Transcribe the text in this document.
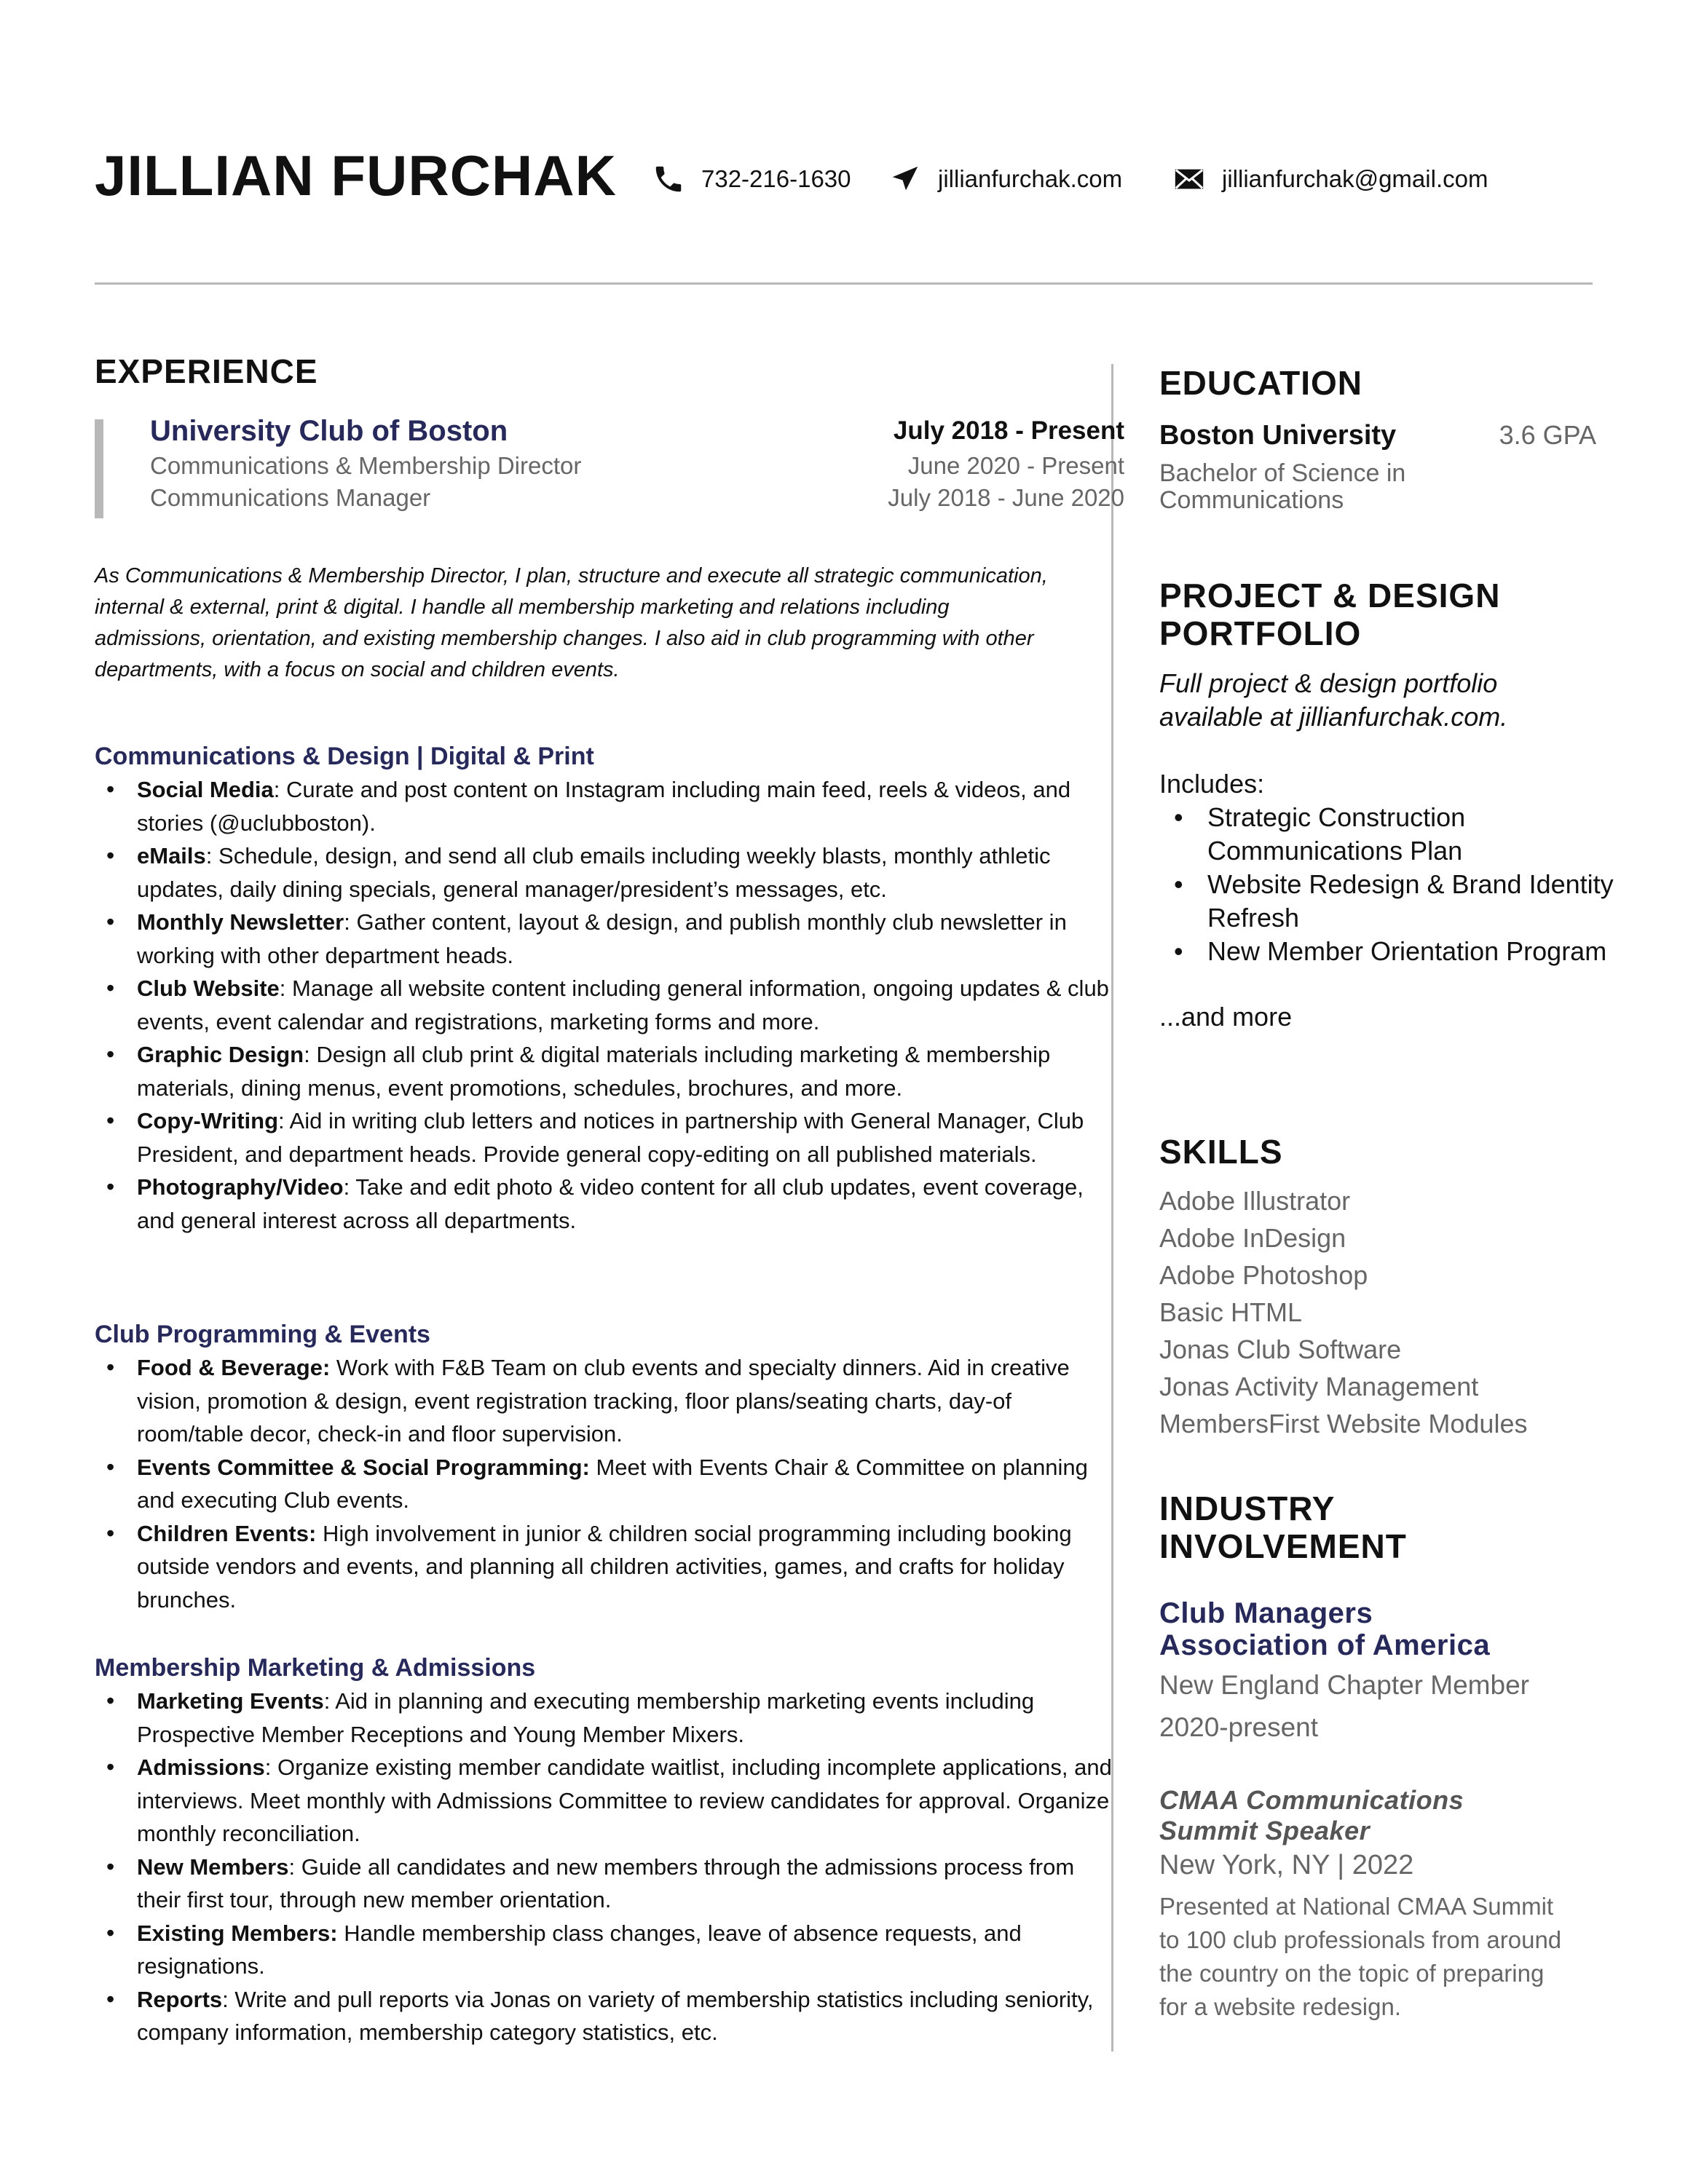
JILLIAN FURCHAK	732-216-1630	jillianfurchak.com	jillianfurchak@gmail.com
EXPERIENCE
University Club of Boston	July 2018 - Present
Communications & Membership Director	June 2020 - Present
Communications Manager	July 2018 - June 2020
As Communications & Membership Director, I plan, structure and execute all strategic communication, internal & external, print & digital. I handle all membership marketing and relations including admissions, orientation, and existing membership changes. I also aid in club programming with other departments, with a focus on social and children events.
Communications & Design | Digital & Print
• Social Media: Curate and post content on Instagram including main feed, reels & videos, and stories (@uclubboston).
• eMails: Schedule, design, and send all club emails including weekly blasts, monthly athletic updates, daily dining specials, general manager/president’s messages, etc.
• Monthly Newsletter: Gather content, layout & design, and publish monthly club newsletter in working with other department heads.
• Club Website: Manage all website content including general information, ongoing updates & club events, event calendar and registrations, marketing forms and more.
• Graphic Design: Design all club print & digital materials including marketing & membership materials, dining menus, event promotions, schedules, brochures, and more.
• Copy-Writing: Aid in writing club letters and notices in partnership with General Manager, Club President, and department heads. Provide general copy-editing on all published materials.
• Photography/Video: Take and edit photo & video content for all club updates, event coverage, and general interest across all departments.
Club Programming & Events
• Food & Beverage: Work with F&B Team on club events and specialty dinners. Aid in creative vision, promotion & design, event registration tracking, floor plans/seating charts, day-of room/table decor, check-in and floor supervision.
• Events Committee & Social Programming: Meet with Events Chair & Committee on planning and executing Club events.
• Children Events: High involvement in junior & children social programming including booking outside vendors and events, and planning all children activities, games, and crafts for holiday brunches.
Membership Marketing & Admissions
• Marketing Events: Aid in planning and executing membership marketing events including Prospective Member Receptions and Young Member Mixers.
• Admissions: Organize existing member candidate waitlist, including incomplete applications, and interviews. Meet monthly with Admissions Committee to review candidates for approval. Organize monthly reconciliation.
• New Members: Guide all candidates and new members through the admissions process from their first tour, through new member orientation.
• Existing Members: Handle membership class changes, leave of absence requests, and resignations.
• Reports: Write and pull reports via Jonas on variety of membership statistics including seniority, company information, membership category statistics, etc.
EDUCATION
Boston University	3.6 GPA
Bachelor of Science in
Communications
PROJECT & DESIGN
PORTFOLIO
Full project & design portfolio
available at jillianfurchak.com.
Includes:
• Strategic Construction Communications Plan
• Website Redesign & Brand Identity Refresh
• New Member Orientation Program
...and more
SKILLS
Adobe Illustrator
Adobe InDesign
Adobe Photoshop
Basic HTML
Jonas Club Software
Jonas Activity Management
MembersFirst Website Modules
INDUSTRY
INVOLVEMENT
Club Managers
Association of America
New England Chapter Member
2020-present
CMAA Communications
Summit Speaker
New York, NY | 2022
Presented at National CMAA Summit to 100 club professionals from around the country on the topic of preparing for a website redesign.
